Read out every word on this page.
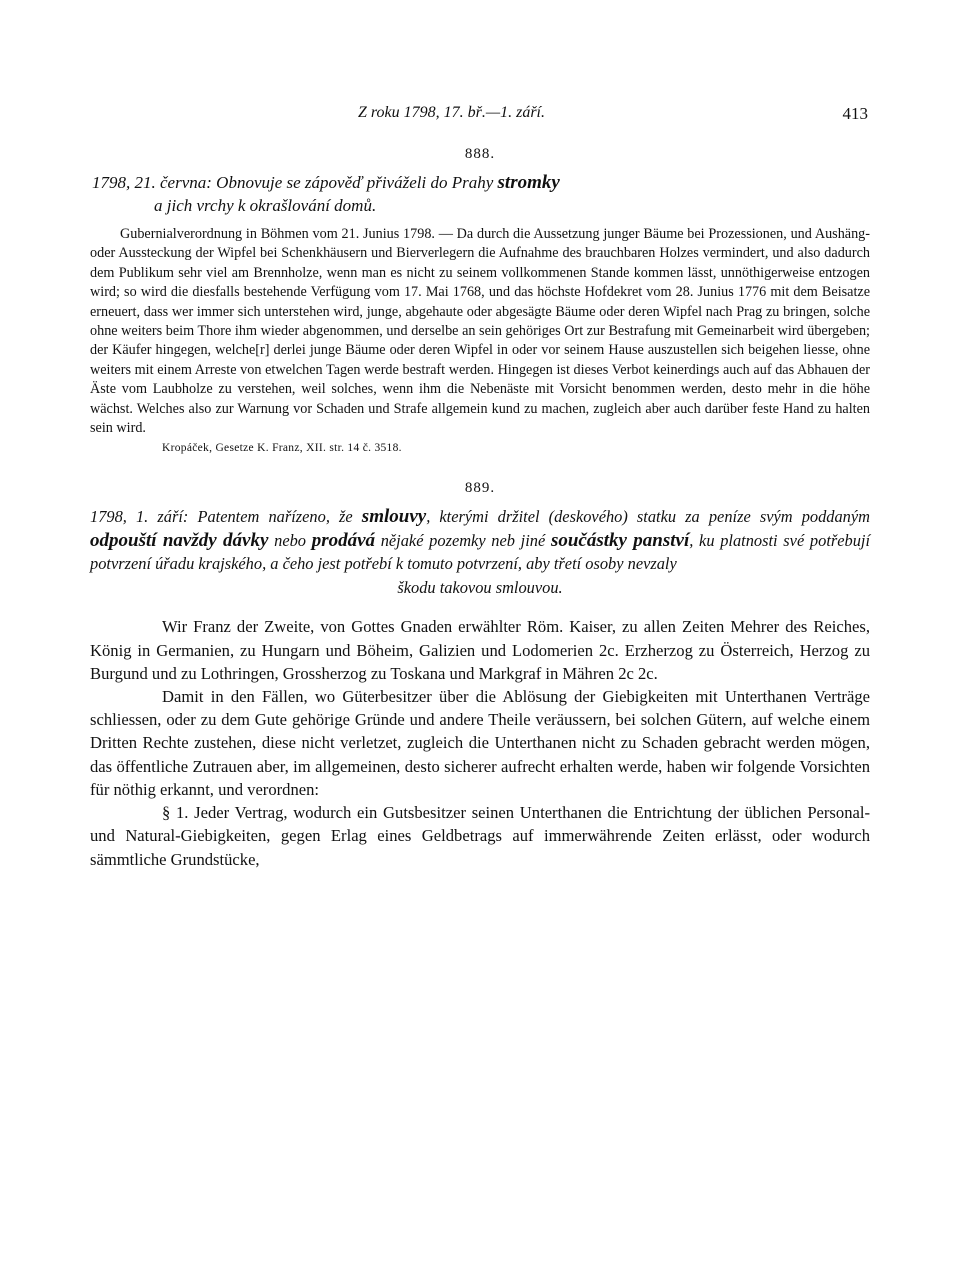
Z roku 1798, 17. bř.—1. září.	413
888.

1798, 21. června: Obnovuje se zápověď přiváželi do Prahy stromky
a jich vrchy k okrašlování domů.

Gubernialverordnung in Böhmen vom 21. Junius 1798. — Da durch die Aussetzung junger Bäume bei Prozessionen, und Aushäng- oder Aussteckung der Wipfel bei Schenkhäusern und Bierverlegern die Aufnahme des brauchbaren Holzes vermindert, und also dadurch dem Publikum sehr viel am Brennholze, wenn man es nicht zu seinem vollkommenen Stande kommen lässt, unnöthigerweise entzogen wird; so wird die diesfalls bestehende Verfügung vom 17. Mai 1768, und das höchste Hofdekret vom 28. Junius 1776 mit dem Beisatze erneuert, dass wer immer sich unterstehen wird, junge, abgehaute oder abgesägte Bäume oder deren Wipfel nach Prag zu bringen, solche ohne weiters beim Thore ihm wieder abgenommen, und derselbe an sein gehöriges Ort zur Bestrafung mit Gemeinarbeit wird übergeben; der Käufer hingegen, welche[r] derlei junge Bäume oder deren Wipfel in oder vor seinem Hause auszustellen sich beigehen liesse, ohne weiters mit einem Arreste von etwelchen Tagen werde bestraft werden. Hingegen ist dieses Verbot keinerdings auch auf das Abhauen der Äste vom Laubholze zu verstehen, weil solches, wenn ihm die Nebenäste mit Vorsicht benommen werden, desto mehr in die höhe wächst. Welches also zur Warnung vor Schaden und Strafe allgemein kund zu machen, zugleich aber auch darüber feste Hand zu halten sein wird.

Kropáček, Gesetze K. Franz, XII. str. 14 č. 3518.
889.

1798, 1. září: Patentem nařízeno, že smlouvy, kterými držitel (deskového) statku za peníze svým poddaným odpouští navždy dávky nebo prodává nějaké pozemky neb jiné součástky panství, ku platnosti své potřebují potvrzení úřadu krajského, a čeho jest potřebí k tomuto potvrzení, aby třetí osoby nevzaly
škodu takovou smlouvou.

Wir Franz der Zweite, von Gottes Gnaden erwählter Röm. Kaiser, zu allen Zeiten Mehrer des Reiches, König in Germanien, zu Hungarn und Böheim, Galizien und Lodomerien 2c. Erzherzog zu Österreich, Herzog zu Burgund und zu Lothringen, Grossherzog zu Toskana und Markgraf in Mähren 2c 2c.

Damit in den Fällen, wo Güterbesitzer über die Ablösung der Giebigkeiten mit Unterthanen Verträge schliessen, oder zu dem Gute gehörige Gründe und andere Theile veräussern, bei solchen Gütern, auf welche einem Dritten Rechte zustehen, diese nicht verletzet, zugleich die Unterthanen nicht zu Schaden gebracht werden mögen, das öffentliche Zutrauen aber, im allgemeinen, desto sicherer aufrecht erhalten werde, haben wir folgende Vorsichten für nöthig erkannt, und verordnen:

§ 1. Jeder Vertrag, wodurch ein Gutsbesitzer seinen Unterthanen die Entrichtung der üblichen Personal- und Natural-Giebigkeiten, gegen Erlag eines Geldbetrags auf immerwährende Zeiten erlässt, oder wodurch sämmtliche Grundstücke,
